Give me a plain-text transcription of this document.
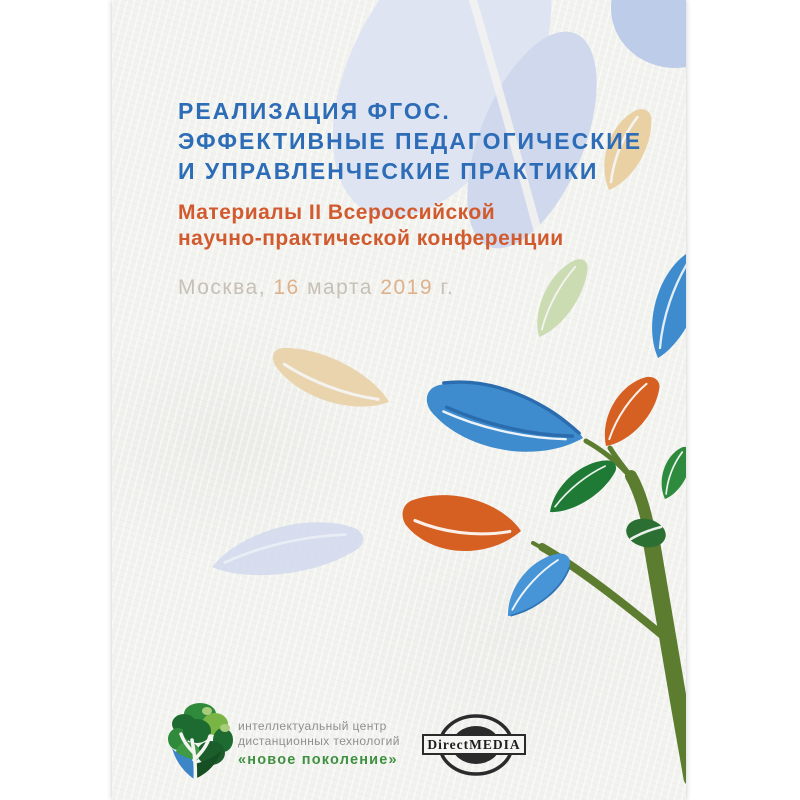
РЕАЛИЗАЦИЯ ФГОС.
ЭФФЕКТИВНЫЕ ПЕДАГОГИЧЕСКИЕ
И УПРАВЛЕНЧЕСКИЕ ПРАКТИКИ
Материалы II Всероссийской
научно-практической конференции
Москва, 16 марта 2019 г.
интеллектуальный центр
дистанционных технологий
«новое поколение»
DirectMEDIA
